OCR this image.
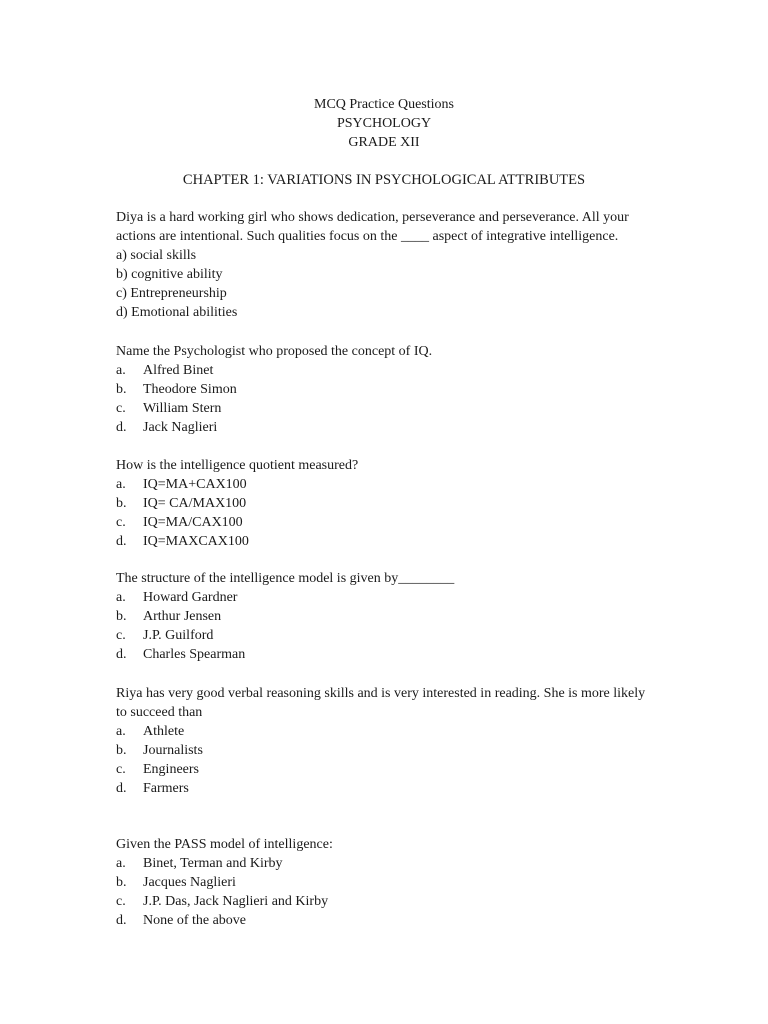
MCQ Practice Questions
PSYCHOLOGY
GRADE XII
CHAPTER 1: VARIATIONS IN PSYCHOLOGICAL ATTRIBUTES
Diya is a hard working girl who shows dedication, perseverance and perseverance. All your actions are intentional. Such qualities focus on the ____ aspect of integrative intelligence.
a) social skills
b) cognitive ability
c) Entrepreneurship
d) Emotional abilities
Name the Psychologist who proposed the concept of IQ.
a. Alfred Binet
b. Theodore Simon
c. William Stern
d. Jack Naglieri
How is the intelligence quotient measured?
a. IQ=MA+CAX100
b. IQ= CA/MAX100
c. IQ=MA/CAX100
d. IQ=MAXCAX100
The structure of the intelligence model is given by________
a. Howard Gardner
b. Arthur Jensen
c. J.P. Guilford
d. Charles Spearman
Riya has very good verbal reasoning skills and is very interested in reading. She is more likely to succeed than
a. Athlete
b. Journalists
c. Engineers
d. Farmers
Given the PASS model of intelligence:
a. Binet, Terman and Kirby
b. Jacques Naglieri
c. J.P. Das, Jack Naglieri and Kirby
d. None of the above
